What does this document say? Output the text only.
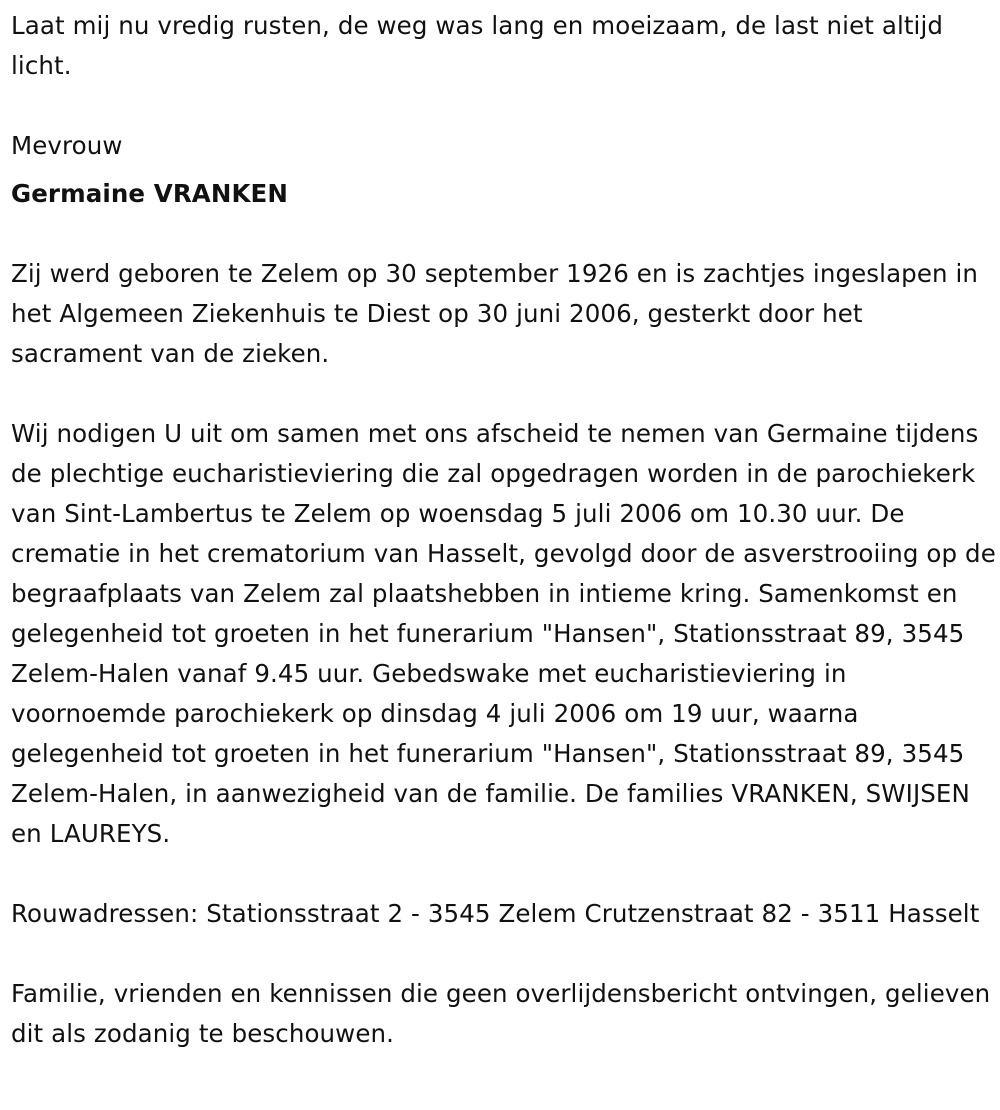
Laat mij nu vredig rusten, de weg was lang en moeizaam, de last niet altijd licht.

Mevrouw

Germaine VRANKEN

Zij werd geboren te Zelem op 30 september 1926 en is zachtjes ingeslapen in het Algemeen Ziekenhuis te Diest op 30 juni 2006, gesterkt door het sacrament van de zieken.

Wij nodigen U uit om samen met ons afscheid te nemen van Germaine tijdens de plechtige eucharistieviering die zal opgedragen worden in de parochiekerk van Sint-Lambertus te Zelem op woensdag 5 juli 2006 om 10.30 uur. De crematie in het crematorium van Hasselt, gevolgd door de asverstrooiing op de begraafplaats van Zelem zal plaatshebben in intieme kring. Samenkomst en gelegenheid tot groeten in het funerarium "Hansen", Stationsstraat 89, 3545 Zelem-Halen vanaf 9.45 uur. Gebedswake met eucharistieviering in voornoemde parochiekerk op dinsdag 4 juli 2006 om 19 uur, waarna gelegenheid tot groeten in het funerarium "Hansen", Stationsstraat 89, 3545 Zelem-Halen, in aanwezigheid van de familie. De families VRANKEN, SWIJSEN en LAUREYS.

Rouwadressen: Stationsstraat 2 - 3545 Zelem Crutzenstraat 82 - 3511 Hasselt

Familie, vrienden en kennissen die geen overlijdensbericht ontvingen, gelieven dit als zodanig te beschouwen.
